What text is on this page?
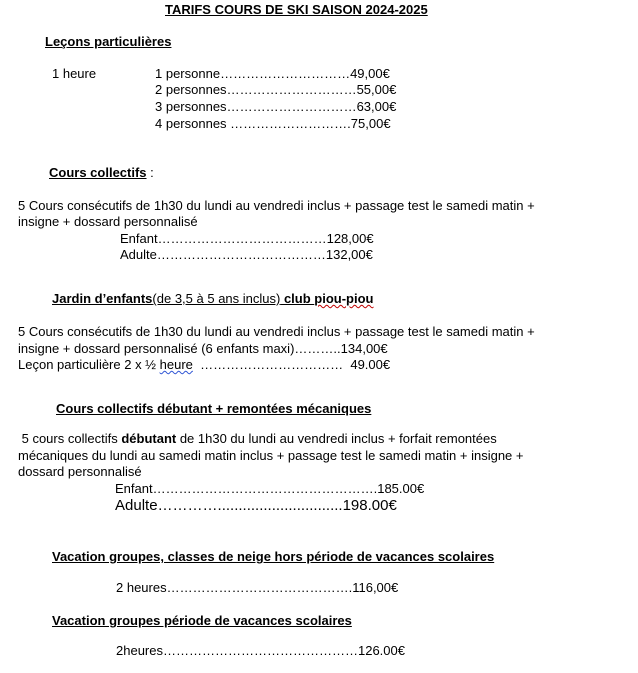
TARIFS COURS DE SKI SAISON 2024-2025
Leçons particulières
1 heure	1 personne…………………………49,00€
2 personnes…………………………55,00€
3 personnes…………………………63,00€
4 personnes ……………………….75,00€
Cours collectifs :
5 Cours consécutifs de 1h30 du lundi au vendredi inclus + passage test le samedi matin +
insigne + dossard personnalisé
Enfant…………………………………128,00€
Adulte…………………………………132,00€
Jardin d’enfants(de 3,5 à 5 ans inclus) club piou-piou
5 Cours consécutifs de 1h30 du lundi au vendredi inclus + passage test le samedi matin +
insigne + dossard personnalisé (6 enfants maxi)………..134,00€
Leçon particulière 2 x ½ heure  ……………………………  49.00€
Cours collectifs débutant + remontées mécaniques
5 cours collectifs débutant de 1h30 du lundi au vendredi inclus + forfait remontées
mécaniques du lundi au samedi matin inclus + passage test le samedi matin + insigne +
dossard personnalisé
Enfant…………………………………………….185.00€
Adulte…………..............................198.00€
Vacation groupes, classes de neige hors période de vacances scolaires
2 heures…………………………………….116,00€
Vacation groupes période de vacances scolaires
2heures………………………………………126.00€
